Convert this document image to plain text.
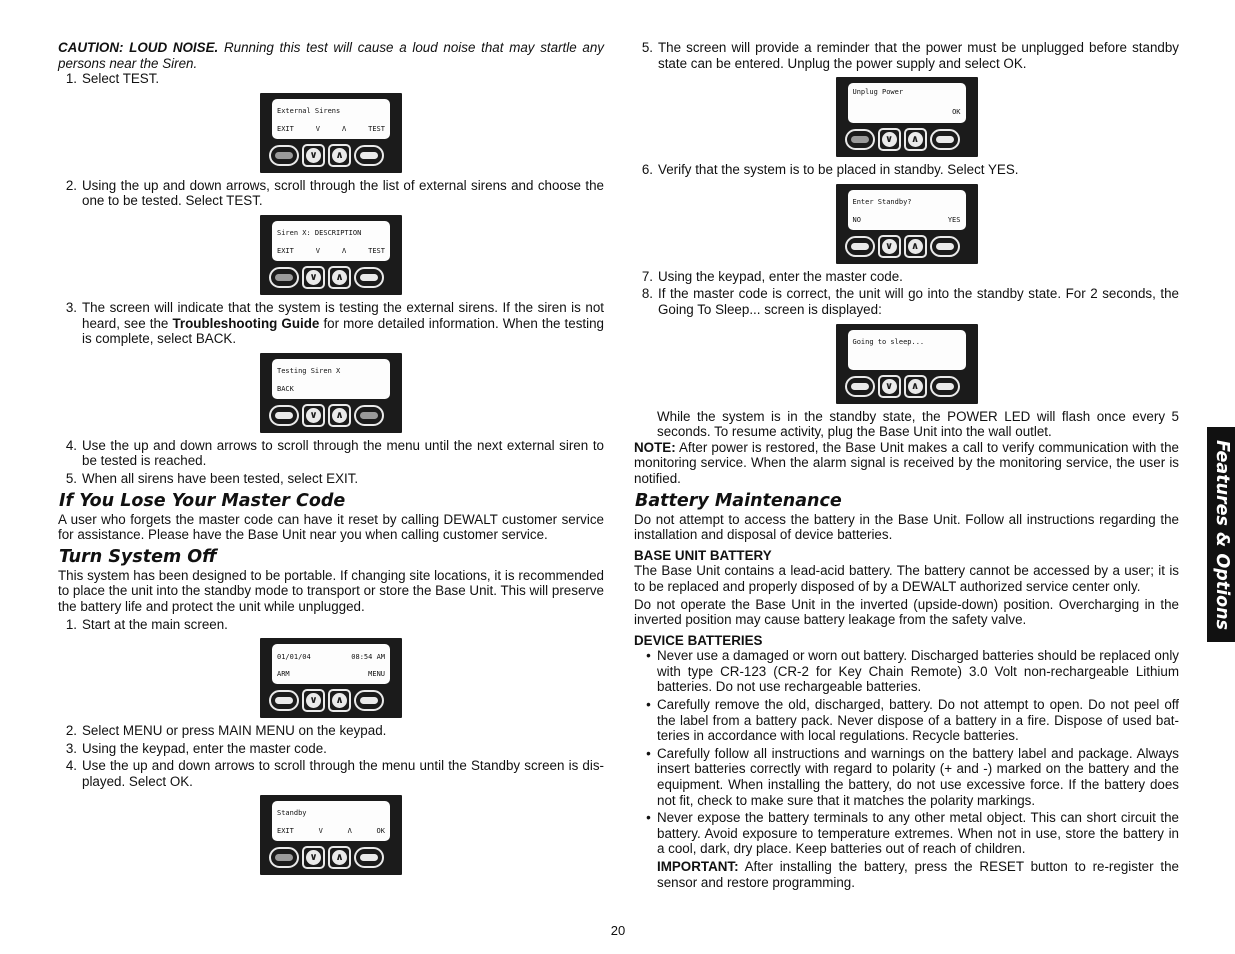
CAUTION: LOUD NOISE. Running this test will cause a loud noise that may startle any persons near the Siren.

1. Select TEST.
External Sirens
EXIT	V	Λ	TEST
∨	∧
2. Using the up and down arrows, scroll through the list of external sirens and choose the one to be tested. Select TEST.
Siren X: DESCRIPTION
EXIT	V	Λ	TEST
∨	∧
3. The screen will indicate that the system is testing the external sirens. If the siren is not heard, see the Troubleshooting Guide for more detailed information. When the testing is complete, select BACK.
Testing Siren X
BACK
∨	∧
4. Use the up and down arrows to scroll through the menu until the next external siren to be tested is reached.
5. When all sirens have been tested, select EXIT.
If You Lose Your Master Code

A user who forgets the master code can have it reset by calling DEWALT customer service for assistance. Please have the Base Unit near you when calling customer service.

Turn System Off

This system has been designed to be portable. If changing site locations, it is recommended to place the unit into the standby mode to transport or store the Base Unit. This will preserve the battery life and protect the unit while unplugged.

1. Start at the main screen.
01/01/04	08:54 AM
ARM	MENU
∨	∧
2. Select MENU or press MAIN MENU on the keypad.
3. Using the keypad, enter the master code.
4. Use the up and down arrows to scroll through the menu until the Standby screen is dis-played. Select OK.
Standby
EXIT	V	Λ	OK
∨	∧
5. The screen will provide a reminder that the power must be unplugged before standby state can be entered. Unplug the power supply and select OK.
Unplug Power
OK
∨	∧
6. Verify that the system is to be placed in standby. Select YES.
Enter Standby?
NO	YES
∨	∧
7. Using the keypad, enter the master code.
8. If the master code is correct, the unit will go into the standby state. For 2 seconds, the Going To Sleep... screen is displayed:
Going to sleep...
∨	∧

While the system is in the standby state, the POWER LED will flash once every 5 seconds. To resume activity, plug the Base Unit into the wall outlet.

NOTE: After power is restored, the Base Unit makes a call to verify communication with the monitoring service. When the alarm signal is received by the monitoring service, the user is notified.

Battery Maintenance

Do not attempt to access the battery in the Base Unit. Follow all instructions regarding the installation and disposal of device batteries.

BASE UNIT BATTERY

The Base Unit contains a lead-acid battery. The battery cannot be accessed by a user; it is to be replaced and properly disposed of by a DEWALT authorized service center only.

Do not operate the Base Unit in the inverted (upside-down) position. Overcharging in the inverted position may cause battery leakage from the safety valve.

DEVICE BATTERIES
• Never use a damaged or worn out battery. Discharged batteries should be replaced only with type CR-123 (CR-2 for Key Chain Remote) 3.0 Volt non-rechargeable Lithium batteries. Do not use rechargeable batteries.
• Carefully remove the old, discharged, battery. Do not attempt to open. Do not peel off the label from a battery pack. Never dispose of a battery in a fire. Dispose of used bat-teries in accordance with local regulations. Recycle batteries.
• Carefully follow all instructions and warnings on the battery label and package. Always insert batteries correctly with regard to polarity (+ and -) marked on the battery and the equipment. When installing the battery, do not use excessive force. If the battery does not fit, check to make sure that it matches the polarity markings.
• Never expose the battery terminals to any other metal object. This can short circuit the battery. Avoid exposure to temperature extremes. When not in use, store the battery in a cool, dark, dry place. Keep batteries out of reach of children.

IMPORTANT: After installing the battery, press the RESET button to re-register the sensor and restore programming.

20
Features & Options
